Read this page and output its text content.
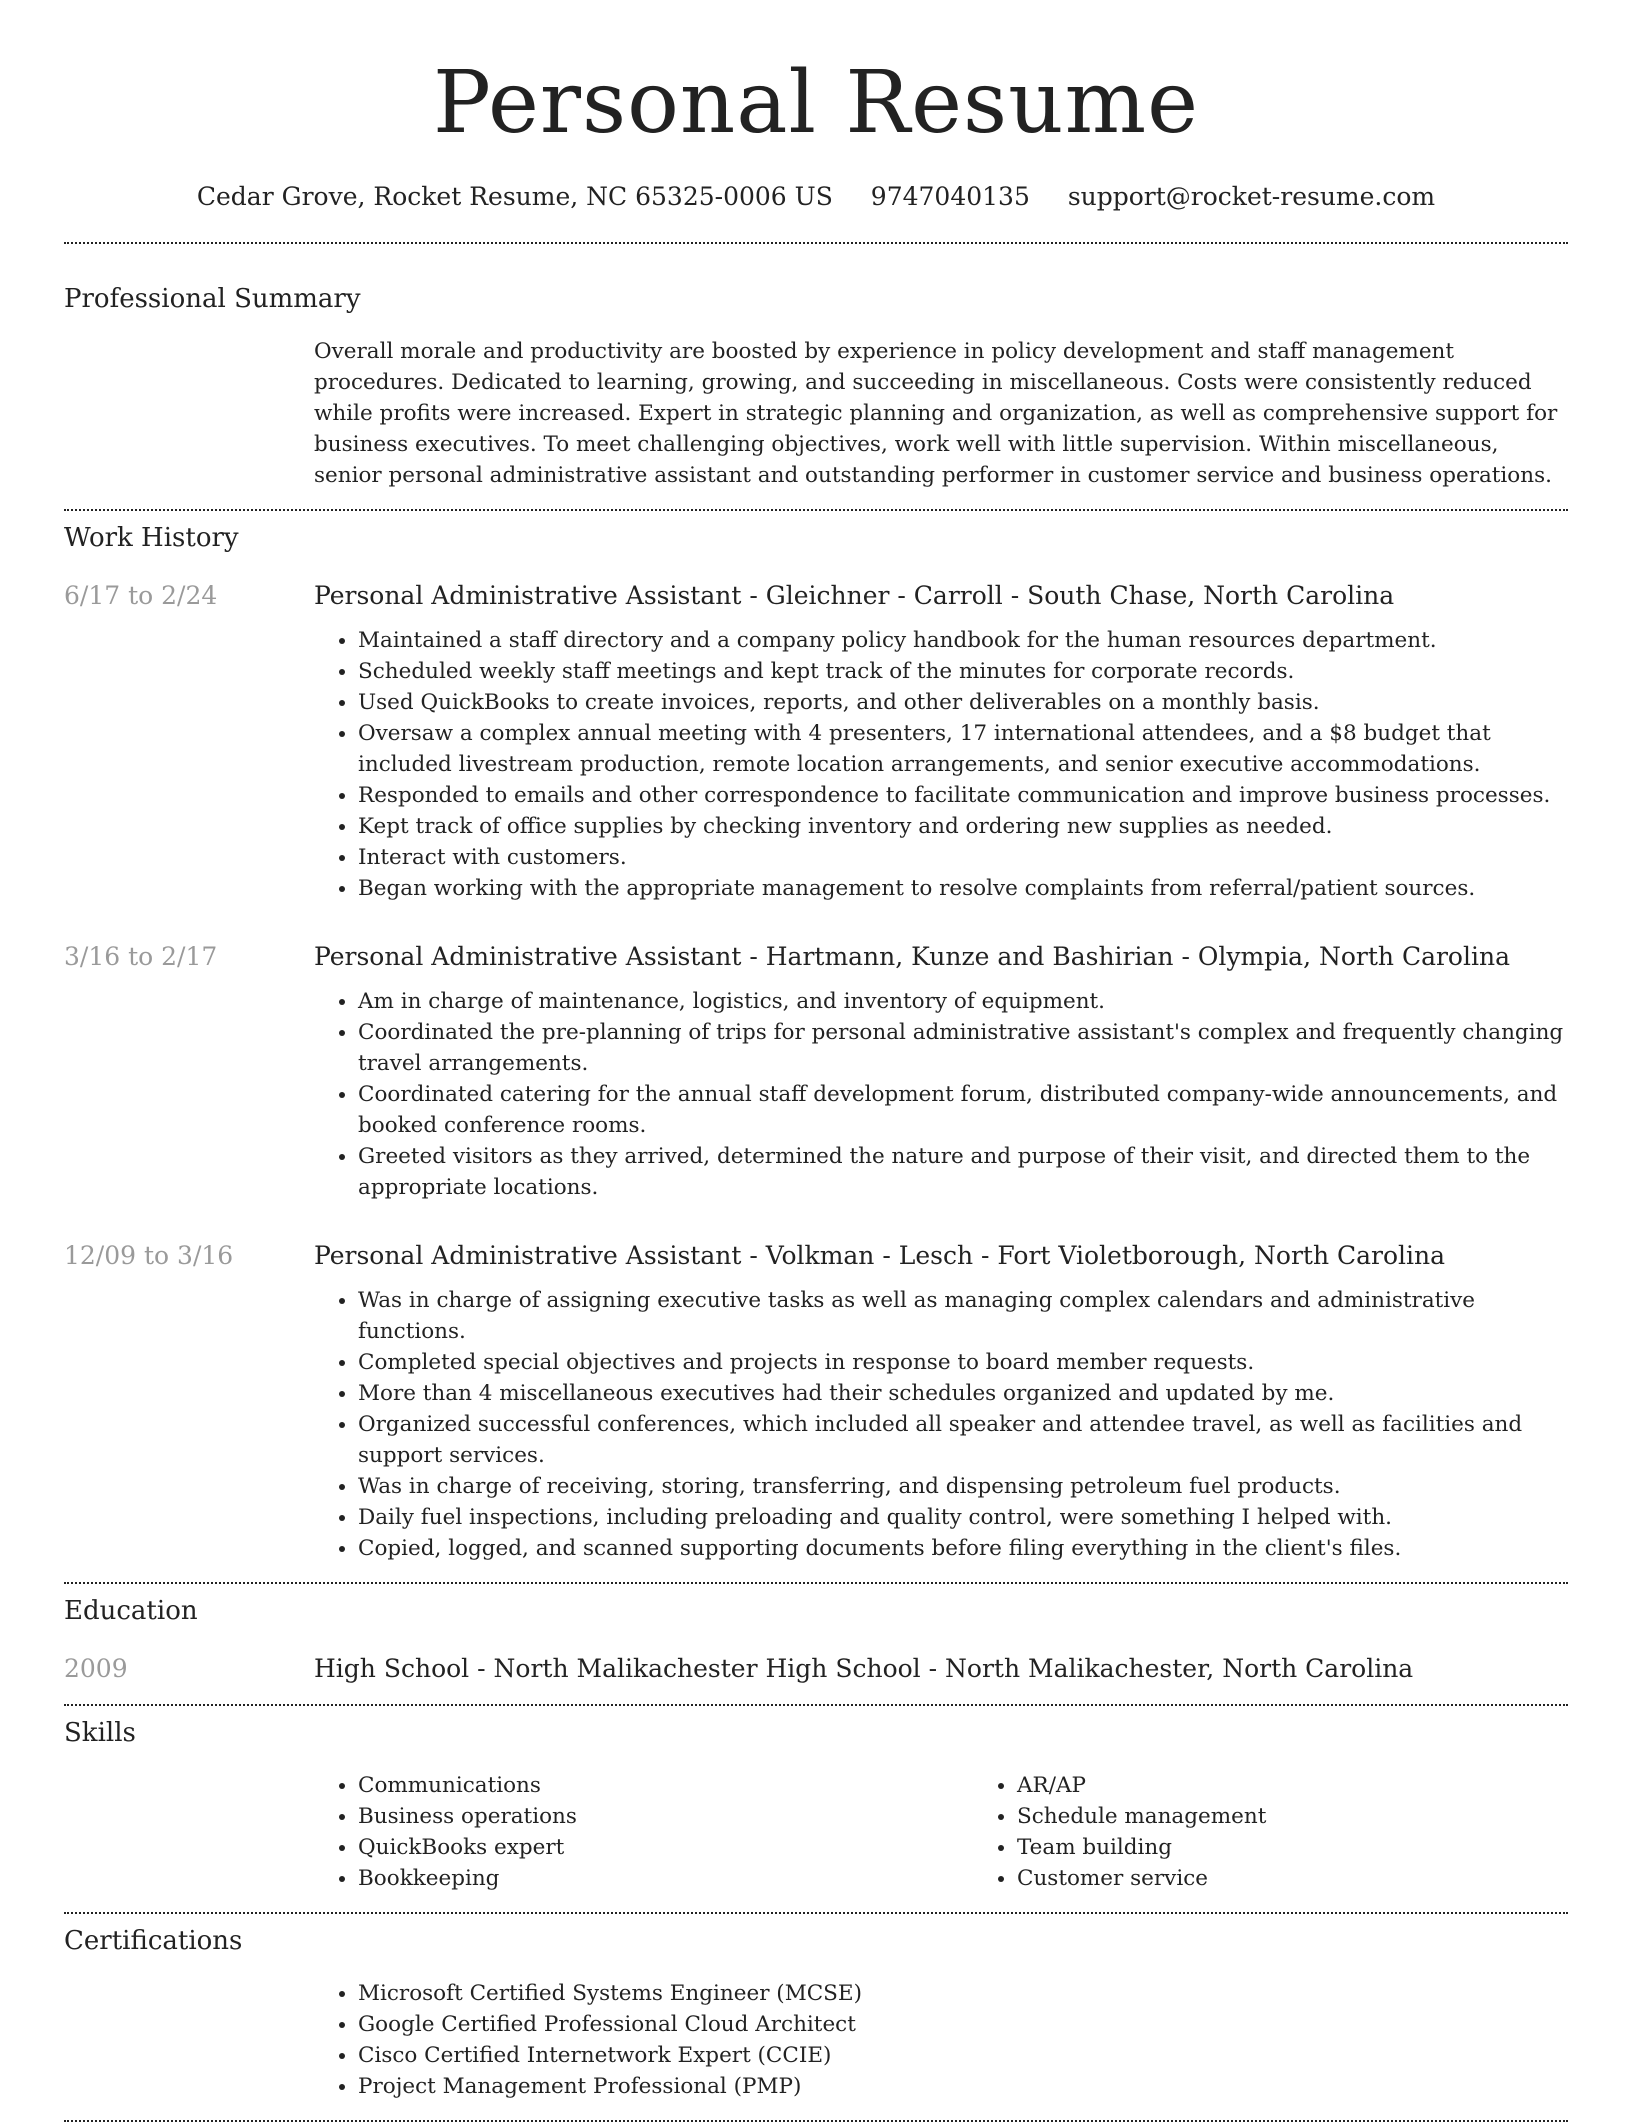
Personal Resume
Cedar Grove, Rocket Resume, NC 65325-0006 US 9747040135 support@rocket-resume.com
Professional Summary
Overall morale and productivity are boosted by experience in policy development and staff management procedures. Dedicated to learning, growing, and succeeding in miscellaneous. Costs were consistently reduced while profits were increased. Expert in strategic planning and organization, as well as comprehensive support for business executives. To meet challenging objectives, work well with little supervision. Within miscellaneous, senior personal administrative assistant and outstanding performer in customer service and business operations.
Work History
6/17 to 2/24	Personal Administrative Assistant - Gleichner - Carroll - South Chase, North Carolina
• Maintained a staff directory and a company policy handbook for the human resources department.
• Scheduled weekly staff meetings and kept track of the minutes for corporate records.
• Used QuickBooks to create invoices, reports, and other deliverables on a monthly basis.
• Oversaw a complex annual meeting with 4 presenters, 17 international attendees, and a $8 budget that included livestream production, remote location arrangements, and senior executive accommodations.
• Responded to emails and other correspondence to facilitate communication and improve business processes.
• Kept track of office supplies by checking inventory and ordering new supplies as needed.
• Interact with customers.
• Began working with the appropriate management to resolve complaints from referral/patient sources.
3/16 to 2/17	Personal Administrative Assistant - Hartmann, Kunze and Bashirian - Olympia, North Carolina
• Am in charge of maintenance, logistics, and inventory of equipment.
• Coordinated the pre-planning of trips for personal administrative assistant's complex and frequently changing travel arrangements.
• Coordinated catering for the annual staff development forum, distributed company-wide announcements, and booked conference rooms.
• Greeted visitors as they arrived, determined the nature and purpose of their visit, and directed them to the appropriate locations.
12/09 to 3/16	Personal Administrative Assistant - Volkman - Lesch - Fort Violetborough, North Carolina
• Was in charge of assigning executive tasks as well as managing complex calendars and administrative functions.
• Completed special objectives and projects in response to board member requests.
• More than 4 miscellaneous executives had their schedules organized and updated by me.
• Organized successful conferences, which included all speaker and attendee travel, as well as facilities and support services.
• Was in charge of receiving, storing, transferring, and dispensing petroleum fuel products.
• Daily fuel inspections, including preloading and quality control, were something I helped with.
• Copied, logged, and scanned supporting documents before filing everything in the client's files.
Education
2009	High School - North Malikachester High School - North Malikachester, North Carolina
Skills
• Communications
• Business operations
• QuickBooks expert
• Bookkeeping
• AR/AP
• Schedule management
• Team building
• Customer service
Certifications
• Microsoft Certified Systems Engineer (MCSE)
• Google Certified Professional Cloud Architect
• Cisco Certified Internetwork Expert (CCIE)
• Project Management Professional (PMP)
